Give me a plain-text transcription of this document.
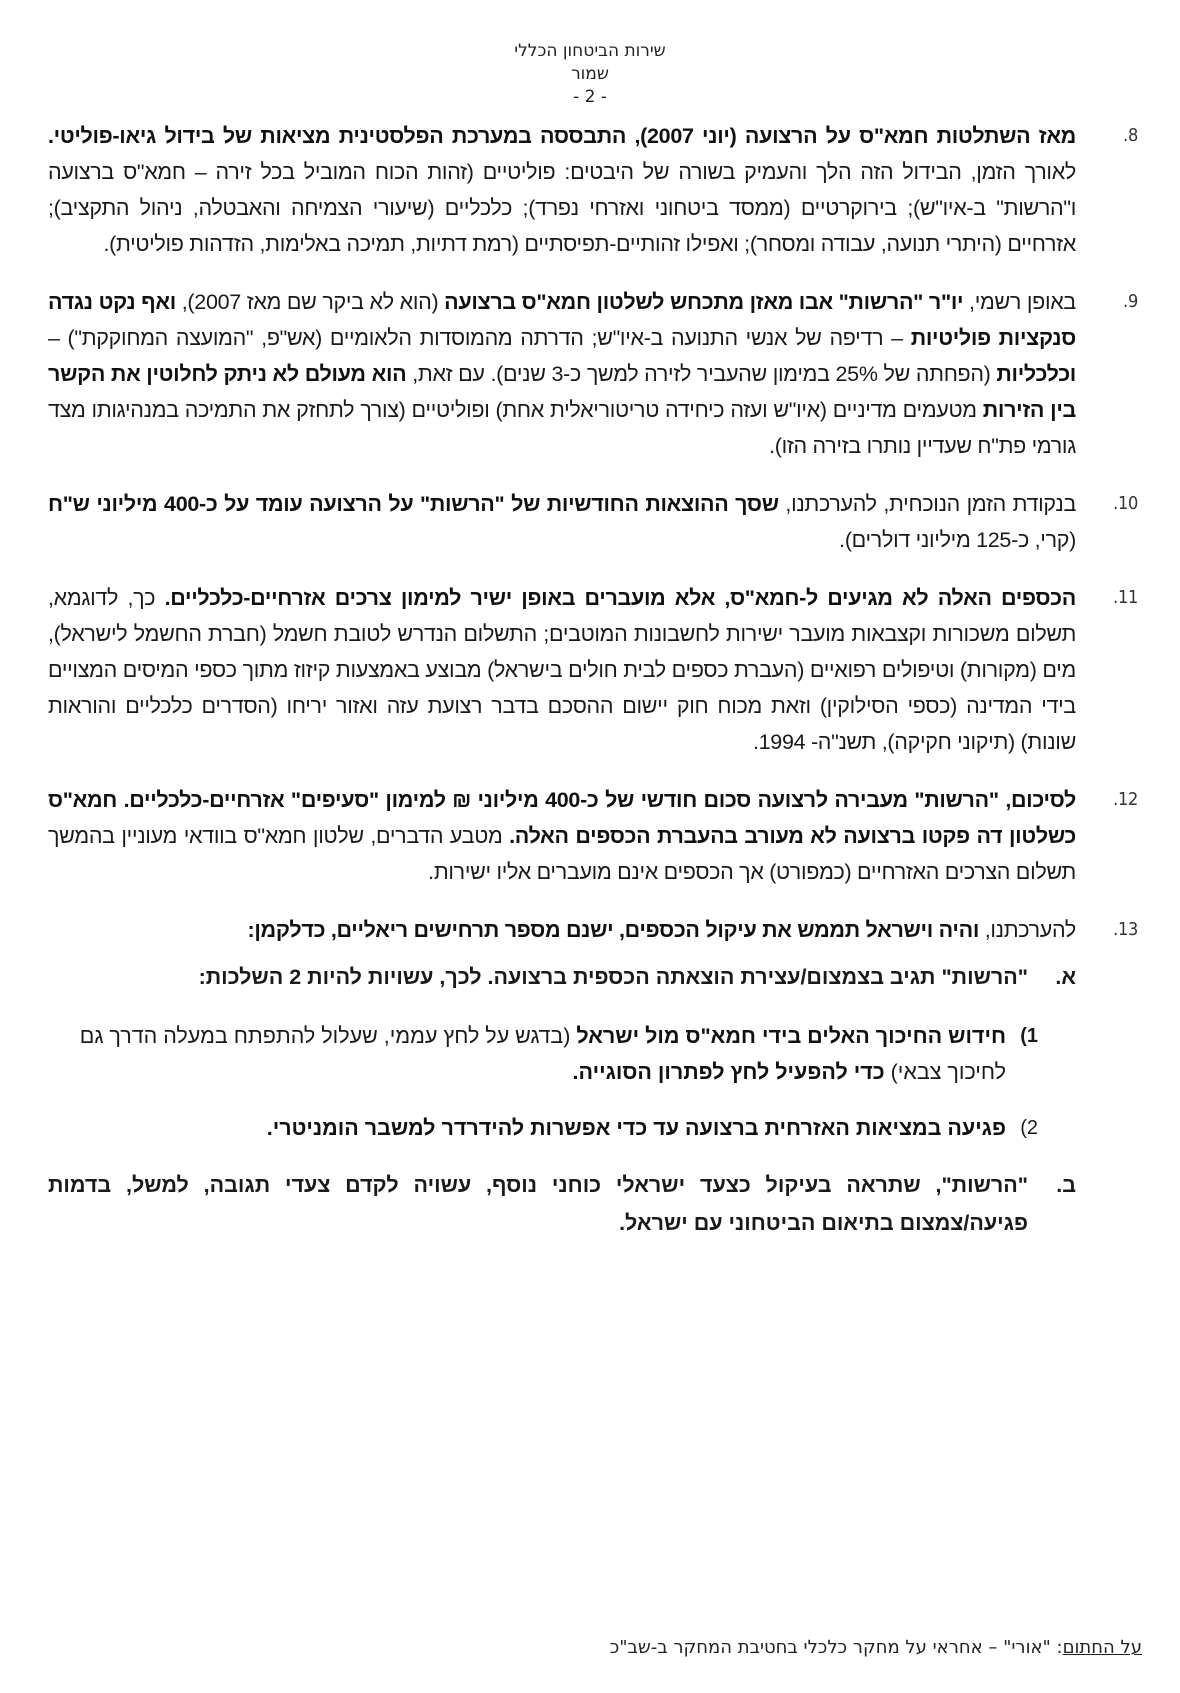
שירות הביטחון הכללי
שמור
- 2 -
.8
מאז השתלטות חמא"ס על הרצועה (יוני 2007), התבססה במערכת הפלסטינית מציאות של בידול גיאו-פוליטי. לאורך הזמן, הבידול הזה הלך והעמיק בשורה של היבטים: פוליטיים (זהות הכוח המוביל בכל זירה – חמא"ס ברצועה ו"הרשות" ב-איו"ש); בירוקרטיים (ממסד ביטחוני ואזרחי נפרד); כלכליים (שיעורי הצמיחה והאבטלה, ניהול התקציב); אזרחיים (היתרי תנועה, עבודה ומסחר); ואפילו זהותיים-תפיסתיים (רמת דתיות, תמיכה באלימות, הזדהות פוליטית).
.9
באופן רשמי, יו"ר "הרשות" אבו מאזן מתכחש לשלטון חמא"ס ברצועה (הוא לא ביקר שם מאז 2007), ואף נקט נגדה סנקציות פוליטיות – רדיפה של אנשי התנועה ב-איו"ש; הדרתה מהמוסדות הלאומיים (אש"פ, "המועצה המחוקקת") – וכלכליות (הפחתה של 25% במימון שהעביר לזירה למשך כ-3 שנים). עם זאת, הוא מעולם לא ניתק לחלוטין את הקשר בין הזירות מטעמים מדיניים (איו"ש ועזה כיחידה טריטוריאלית אחת) ופוליטיים (צורך לתחזק את התמיכה במנהיגותו מצד גורמי פת"ח שעדיין נותרו בזירה הזו).
.10
בנקודת הזמן הנוכחית, להערכתנו, שסך ההוצאות החודשיות של "הרשות" על הרצועה עומד על כ-400 מיליוני ש"ח (קרי, כ-125 מיליוני דולרים).
.11
הכספים האלה לא מגיעים ל-חמא"ס, אלא מועברים באופן ישיר למימון צרכים אזרחיים-כלכליים. כך, לדוגמא, תשלום משכורות וקצבאות מועבר ישירות לחשבונות המוטבים; התשלום הנדרש לטובת חשמל (חברת החשמל לישראל), מים (מקורות) וטיפולים רפואיים (העברת כספים לבית חולים בישראל) מבוצע באמצעות קיזוז מתוך כספי המיסים המצויים בידי המדינה (כספי הסילוקין) וזאת מכוח חוק יישום ההסכם בדבר רצועת עזה ואזור יריחו (הסדרים כלכליים והוראות שונות) (תיקוני חקיקה), תשנ"ה- 1994.
.12
לסיכום, "הרשות" מעבירה לרצועה סכום חודשי של כ-400 מיליוני ₪ למימון "סעיפים" אזרחיים-כלכליים. חמא"ס כשלטון דה פקטו ברצועה לא מעורב בהעברת הכספים האלה. מטבע הדברים, שלטון חמא"ס בוודאי מעוניין בהמשך תשלום הצרכים האזרחיים (כמפורט) אך הכספים אינם מועברים אליו ישירות.
.13
להערכתנו, והיה וישראל תממש את עיקול הכספים, ישנם מספר תרחישים ריאליים, כדלקמן:
א.
"הרשות" תגיב בצמצום/עצירת הוצאתה הכספית ברצועה. לכך, עשויות להיות 2 השלכות:
1)
חידוש החיכוך האלים בידי חמא"ס מול ישראל (בדגש על לחץ עממי, שעלול להתפתח במעלה הדרך גם לחיכוך צבאי) כדי להפעיל לחץ לפתרון הסוגייה.
2)
פגיעה במציאות האזרחית ברצועה עד כדי אפשרות להידרדר למשבר הומניטרי.
ב.
"הרשות", שתראה בעיקול כצעד ישראלי כוחני נוסף, עשויה לקדם צעדי תגובה, למשל, בדמות פגיעה/צמצום בתיאום הביטחוני עם ישראל.
על החתום: "אורי" – אחראי על מחקר כלכלי בחטיבת המחקר ב-שב"כ
